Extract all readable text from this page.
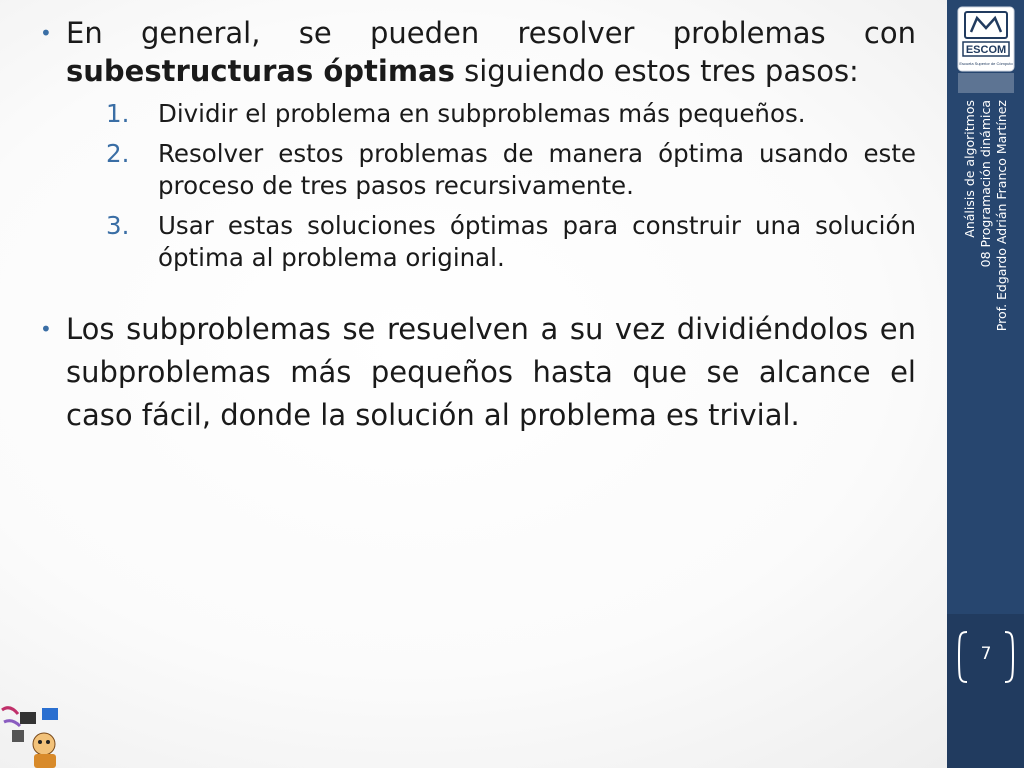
ESCOM
Escuela Superior de Cómputo
Análisis de algoritmos 08 Programación dinámica Prof. Edgardo Adrián Franco Martínez
7
• En general, se pueden resolver problemas con subestructuras óptimas siguiendo estos tres pasos:
1. Dividir el problema en subproblemas más pequeños.
2. Resolver estos problemas de manera óptima usando este proceso de tres pasos recursivamente.
3. Usar estas soluciones óptimas para construir una solución óptima al problema original.
• Los subproblemas se resuelven a su vez dividiéndolos en subproblemas más pequeños hasta que se alcance el caso fácil, donde la solución al problema es trivial.
